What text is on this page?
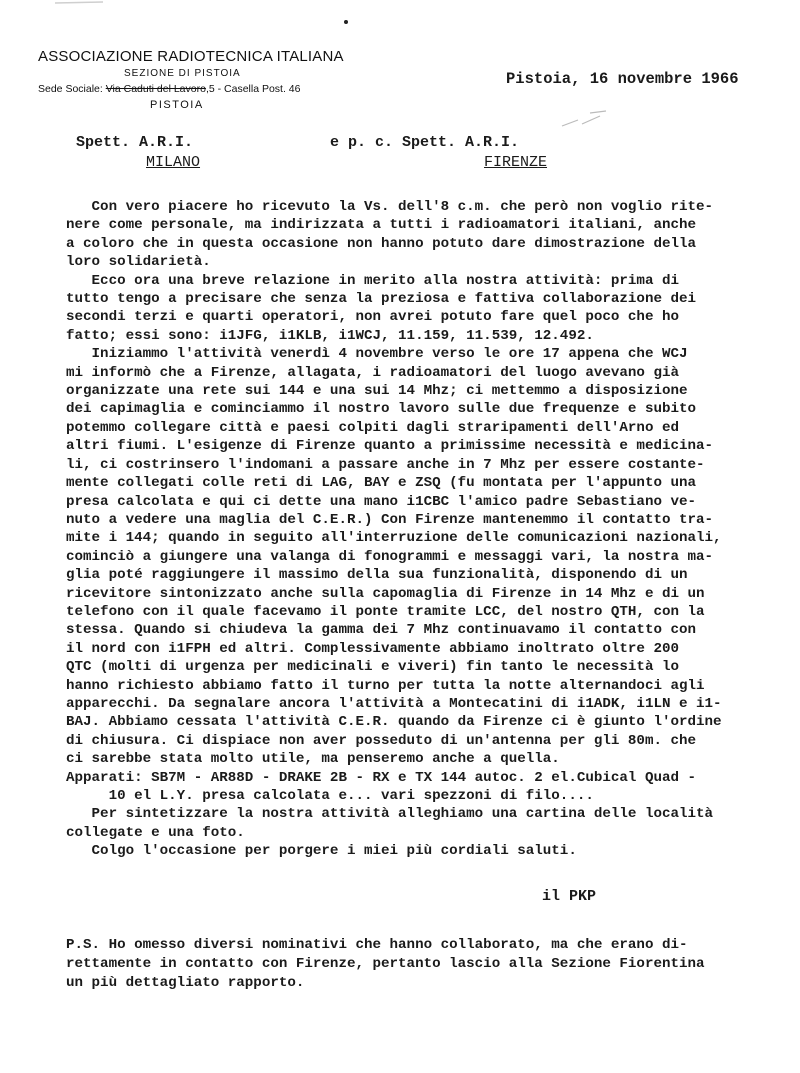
ASSOCIAZIONE RADIOTECNICA ITALIANA
SEZIONE DI PISTOIA
Sede Sociale: Via Caduti del Lavoro,5 - Casella Post. 46
PISTOIA
Pistoia, 16 novembre 1966
Spett. A.R.I.
MILANO
e p. c. Spett. A.R.I.
FIRENZE
Con vero piacere ho ricevuto la Vs. dell'8 c.m. che però non voglio rite-
nere come personale, ma indirizzata a tutti i radioamatori italiani, anche
a coloro che in questa occasione non hanno potuto dare dimostrazione della
loro solidarietà.
Ecco ora una breve relazione in merito alla nostra attività: prima di
tutto tengo a precisare che senza la preziosa e fattiva collaborazione dei
secondi terzi e quarti operatori, non avrei potuto fare quel poco che ho
fatto; essi sono: i1JFG, i1KLB, i1WCJ, 11.159, 11.539, 12.492.
Iniziammo l'attività venerdì 4 novembre verso le ore 17 appena che WCJ
mi informò che a Firenze, allagata, i radioamatori del luogo avevano già
organizzate una rete sui 144 e una sui 14 Mhz; ci mettemmo a disposizione
dei capimaglia e cominciammo il nostro lavoro sulle due frequenze e subito
potemmo collegare città e paesi colpiti dagli straripamenti dell'Arno ed
altri fiumi. L'esigenze di Firenze quanto a primissime necessità e medicina-
li, ci costrinsero l'indomani a passare anche in 7 Mhz per essere costante-
mente collegati colle reti di LAG, BAY e ZSQ (fu montata per l'appunto una
presa calcolata e qui ci dette una mano i1CBC l'amico padre Sebastiano ve-
nuto a vedere una maglia del C.E.R.) Con Firenze mantenemmo il contatto tra-
mite i 144; quando in seguito all'interruzione delle comunicazioni nazionali,
cominciò a giungere una valanga di fonogrammi e messaggi vari, la nostra ma-
glia poté raggiungere il massimo della sua funzionalità, disponendo di un
ricevitore sintonizzato anche sulla capomaglia di Firenze in 14 Mhz e di un
telefono con il quale facevamo il ponte tramite LCC, del nostro QTH, con la
stessa. Quando si chiudeva la gamma dei 7 Mhz continuavamo il contatto con
il nord con i1FPH ed altri. Complessivamente abbiamo inoltrato oltre 200
QTC (molti di urgenza per medicinali e viveri) fin tanto le necessità lo
hanno richiesto abbiamo fatto il turno per tutta la notte alternandoci agli
apparecchi. Da segnalare ancora l'attività a Montecatini di i1ADK, i1LN e i1-
BAJ. Abbiamo cessata l'attività C.E.R. quando da Firenze ci è giunto l'ordine
di chiusura. Ci dispiace non aver posseduto di un'antenna per gli 80m. che
ci sarebbe stata molto utile, ma penseremo anche a quella.
Apparati: SB7M - AR88D - DRAKE 2B - RX e TX 144 autoc. 2 el.Cubical Quad -
10 el L.Y. presa calcolata e... vari spezzoni di filo....
Per sintetizzare la nostra attività alleghiamo una cartina delle località
collegate e una foto.
Colgo l'occasione per porgere i miei più cordiali saluti.
il PKP
P.S. Ho omesso diversi nominativi che hanno collaborato, ma che erano di-
rettamente in contatto con Firenze, pertanto lascio alla Sezione Fiorentina
un più dettagliato rapporto.
